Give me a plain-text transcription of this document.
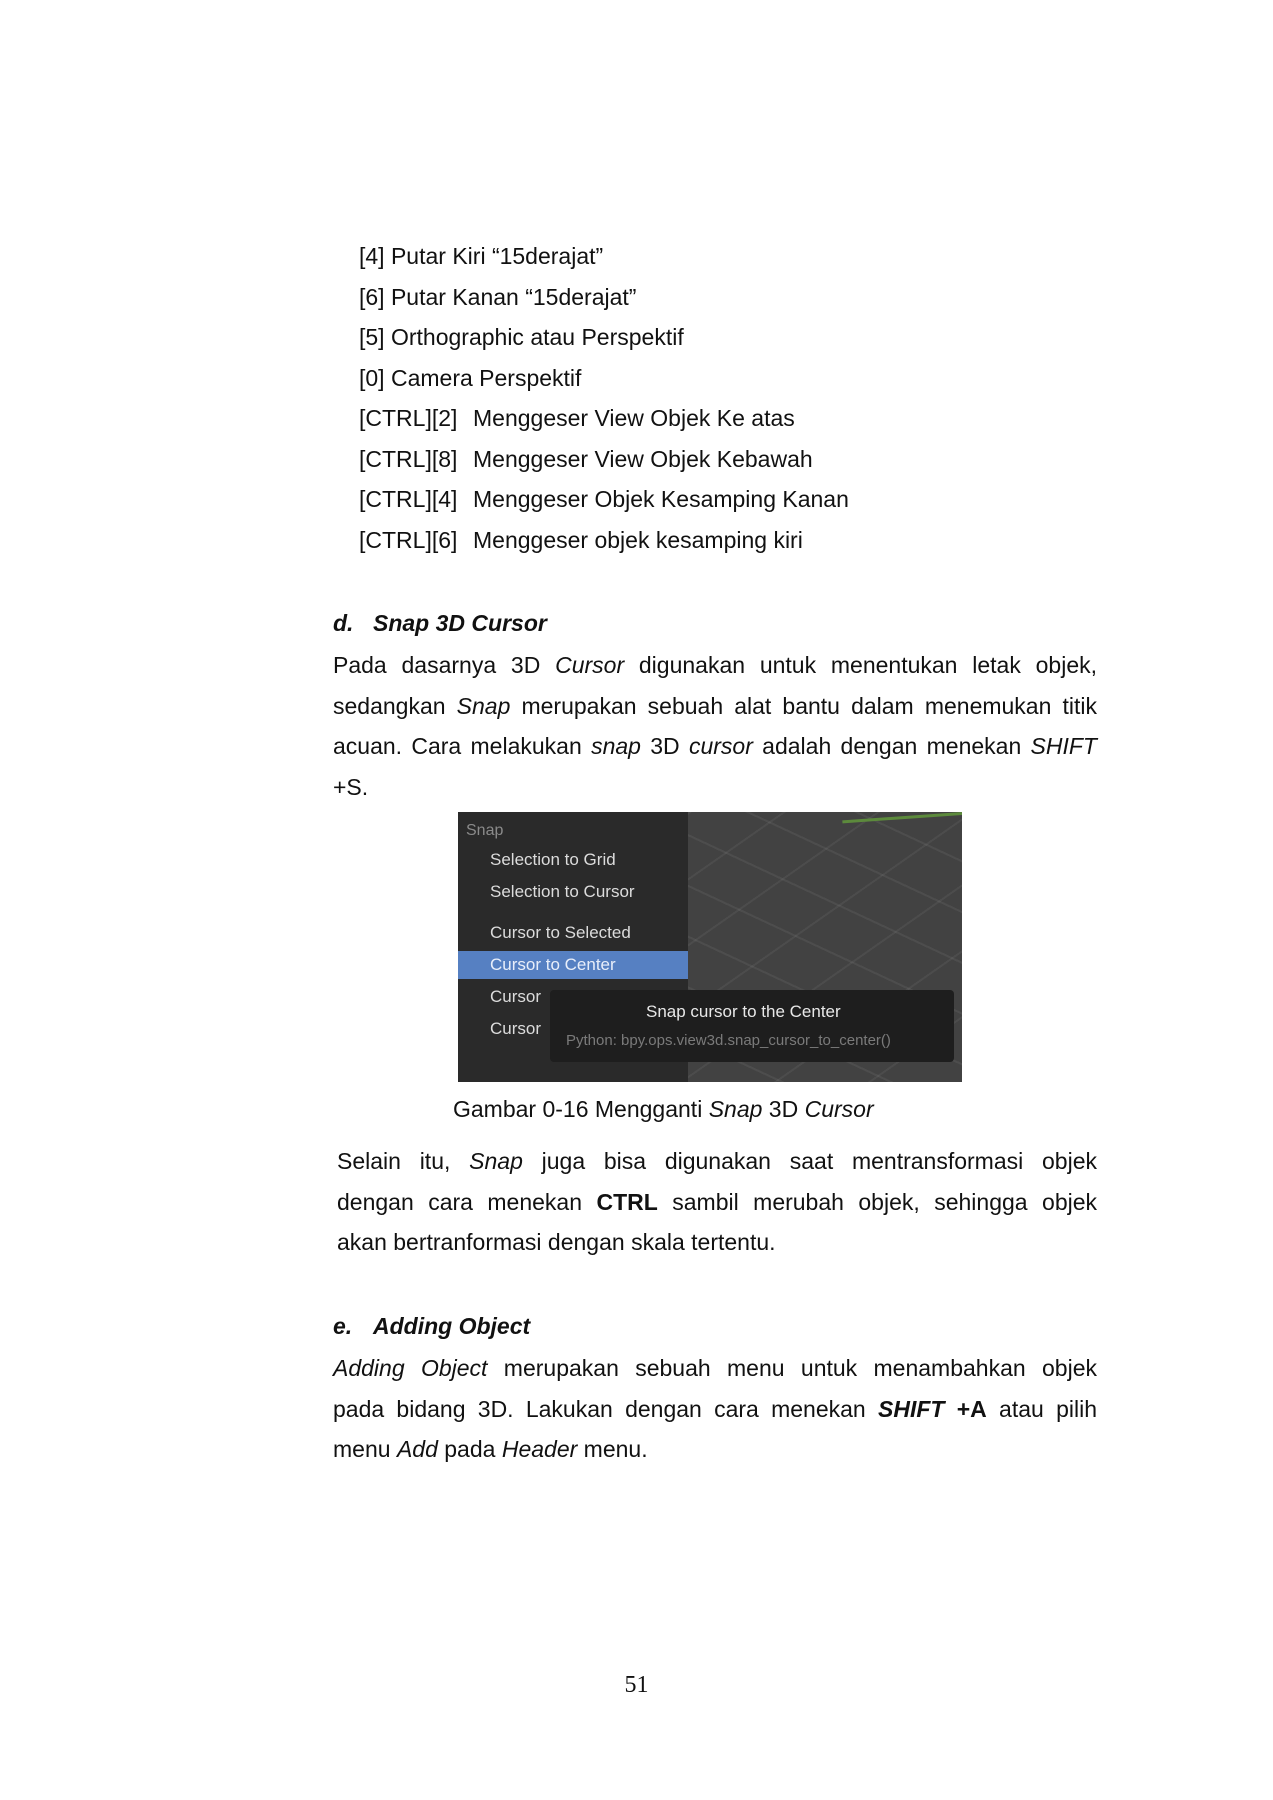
[4] Putar Kiri “15derajat”
[6] Putar Kanan “15derajat”
[5] Orthographic atau Perspektif
[0] Camera Perspektif
[CTRL][2] Menggeser View Objek Ke atas
[CTRL][8] Menggeser View Objek Kebawah
[CTRL][4] Menggeser Objek Kesamping Kanan
[CTRL][6] Menggeser objek kesamping kiri
d. Snap 3D Cursor
Pada dasarnya 3D Cursor digunakan untuk menentukan letak objek,
sedangkan Snap merupakan sebuah alat bantu dalam menemukan titik
acuan. Cara melakukan snap 3D cursor adalah dengan menekan SHIFT
+S.
Snap
Selection to Grid
Selection to Cursor
Cursor to Selected
Cursor to Center
Cursor
Cursor
Snap cursor to the Center
Python: bpy.ops.view3d.snap_cursor_to_center()
Gambar 0-16 Mengganti Snap 3D Cursor
Selain itu, Snap juga bisa digunakan saat mentransformasi objek
dengan cara menekan CTRL sambil merubah objek, sehingga objek
akan bertranformasi dengan skala tertentu.
e. Adding Object
Adding Object merupakan sebuah menu untuk menambahkan objek
pada bidang 3D. Lakukan dengan cara menekan SHIFT +A atau pilih
menu Add pada Header menu.
51
